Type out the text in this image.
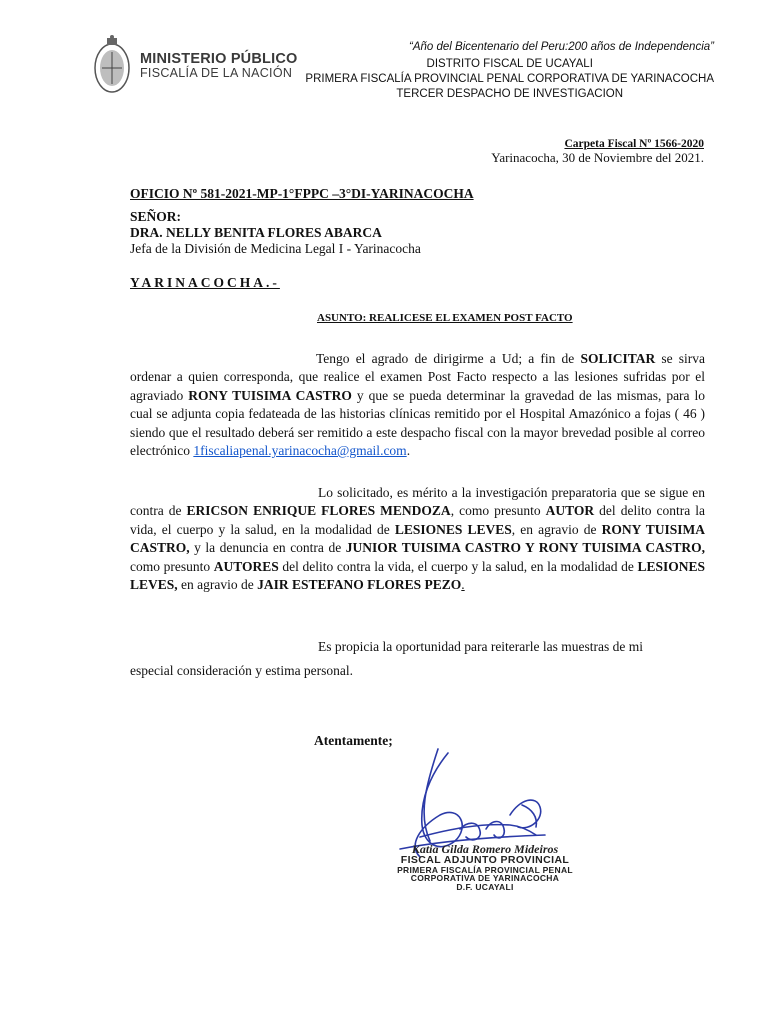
MINISTERIO PÚBLICO
FISCALÍA DE LA NACIÓN
“Año del Bicentenario del Peru:200 años de Independencia”
DISTRITO FISCAL DE UCAYALI
PRIMERA FISCALÍA PROVINCIAL PENAL CORPORATIVA DE YARINACOCHA
TERCER DESPACHO DE INVESTIGACION
Carpeta Fiscal Nº 1566-2020
Yarinacocha, 30 de Noviembre del 2021.
OFICIO Nº 581-2021-MP-1°FPPC –3°DI-YARINACOCHA
SEÑOR:
DRA. NELLY BENITA FLORES ABARCA
Jefa de la División de Medicina Legal I - Yarinacocha
YARINACOCHA.-
ASUNTO: REALICESE EL EXAMEN POST FACTO
Tengo el agrado de dirigirme a Ud; a fin de SOLICITAR se sirva ordenar a quien corresponda, que realice el examen Post Facto respecto a las lesiones sufridas por el agraviado RONY TUISIMA CASTRO y que se pueda determinar la gravedad de las mismas, para lo cual se adjunta copia fedateada de las historias clínicas remitido por el Hospital Amazónico a fojas ( 46 ) siendo que el resultado deberá ser remitido a este despacho fiscal con la mayor brevedad posible al correo electrónico 1fiscaliapenal.yarinacocha@gmail.com.
Lo solicitado, es mérito a la investigación preparatoria que se sigue en contra de ERICSON ENRIQUE FLORES MENDOZA, como presunto AUTOR del delito contra la vida, el cuerpo y la salud, en la modalidad de LESIONES LEVES, en agravio de RONY TUISIMA CASTRO, y la denuncia en contra de JUNIOR TUISIMA CASTRO Y RONY TUISIMA CASTRO, como presunto AUTORES del delito contra la vida, el cuerpo y la salud, en la modalidad de LESIONES LEVES, en agravio de JAIR ESTEFANO FLORES PEZO.
Es propicia la oportunidad para reiterarle las muestras de mi
especial consideración y estima personal.
Atentamente;
Katia Gilda Romero Mideiros
FISCAL ADJUNTO PROVINCIAL
PRIMERA FISCALÍA PROVINCIAL PENAL
CORPORATIVA DE YARINACOCHA
D.F. UCAYALI
